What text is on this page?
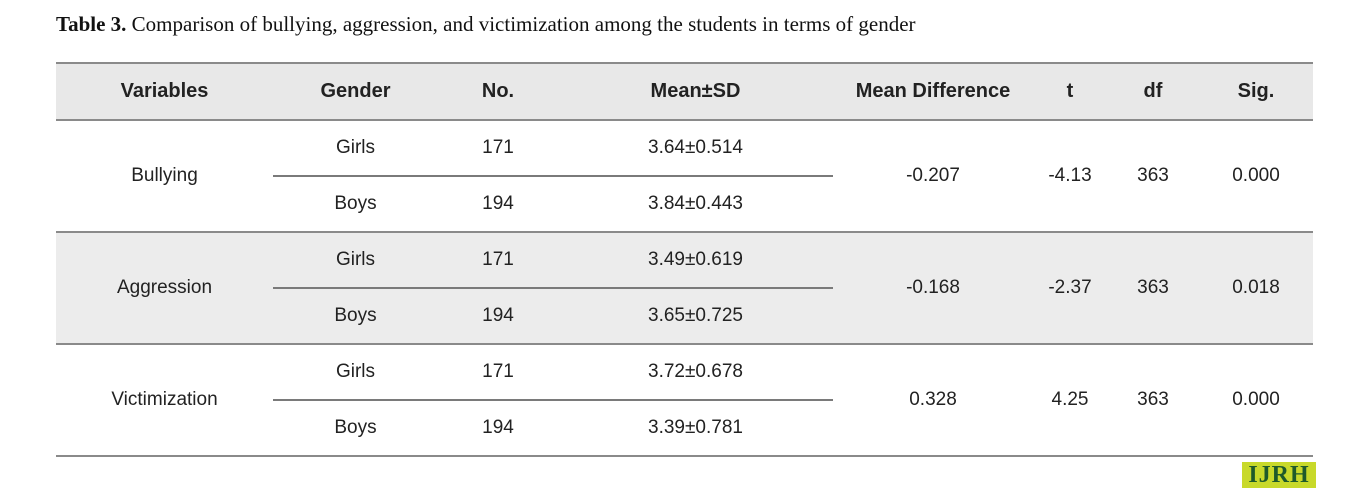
Table 3. Comparison of bullying, aggression, and victimization among the students in terms of gender
Variables	Gender	No.	Mean±SD	Mean Difference	t	df	Sig.
Bullying	Girls	171	3.64±0.514	-0.207	-4.13	363	0.000
	Boys	194	3.84±0.443				
Aggression	Girls	171	3.49±0.619	-0.168	-2.37	363	0.018
	Boys	194	3.65±0.725				
Victimization	Girls	171	3.72±0.678	0.328	4.25	363	0.000
	Boys	194	3.39±0.781				
IJRH
